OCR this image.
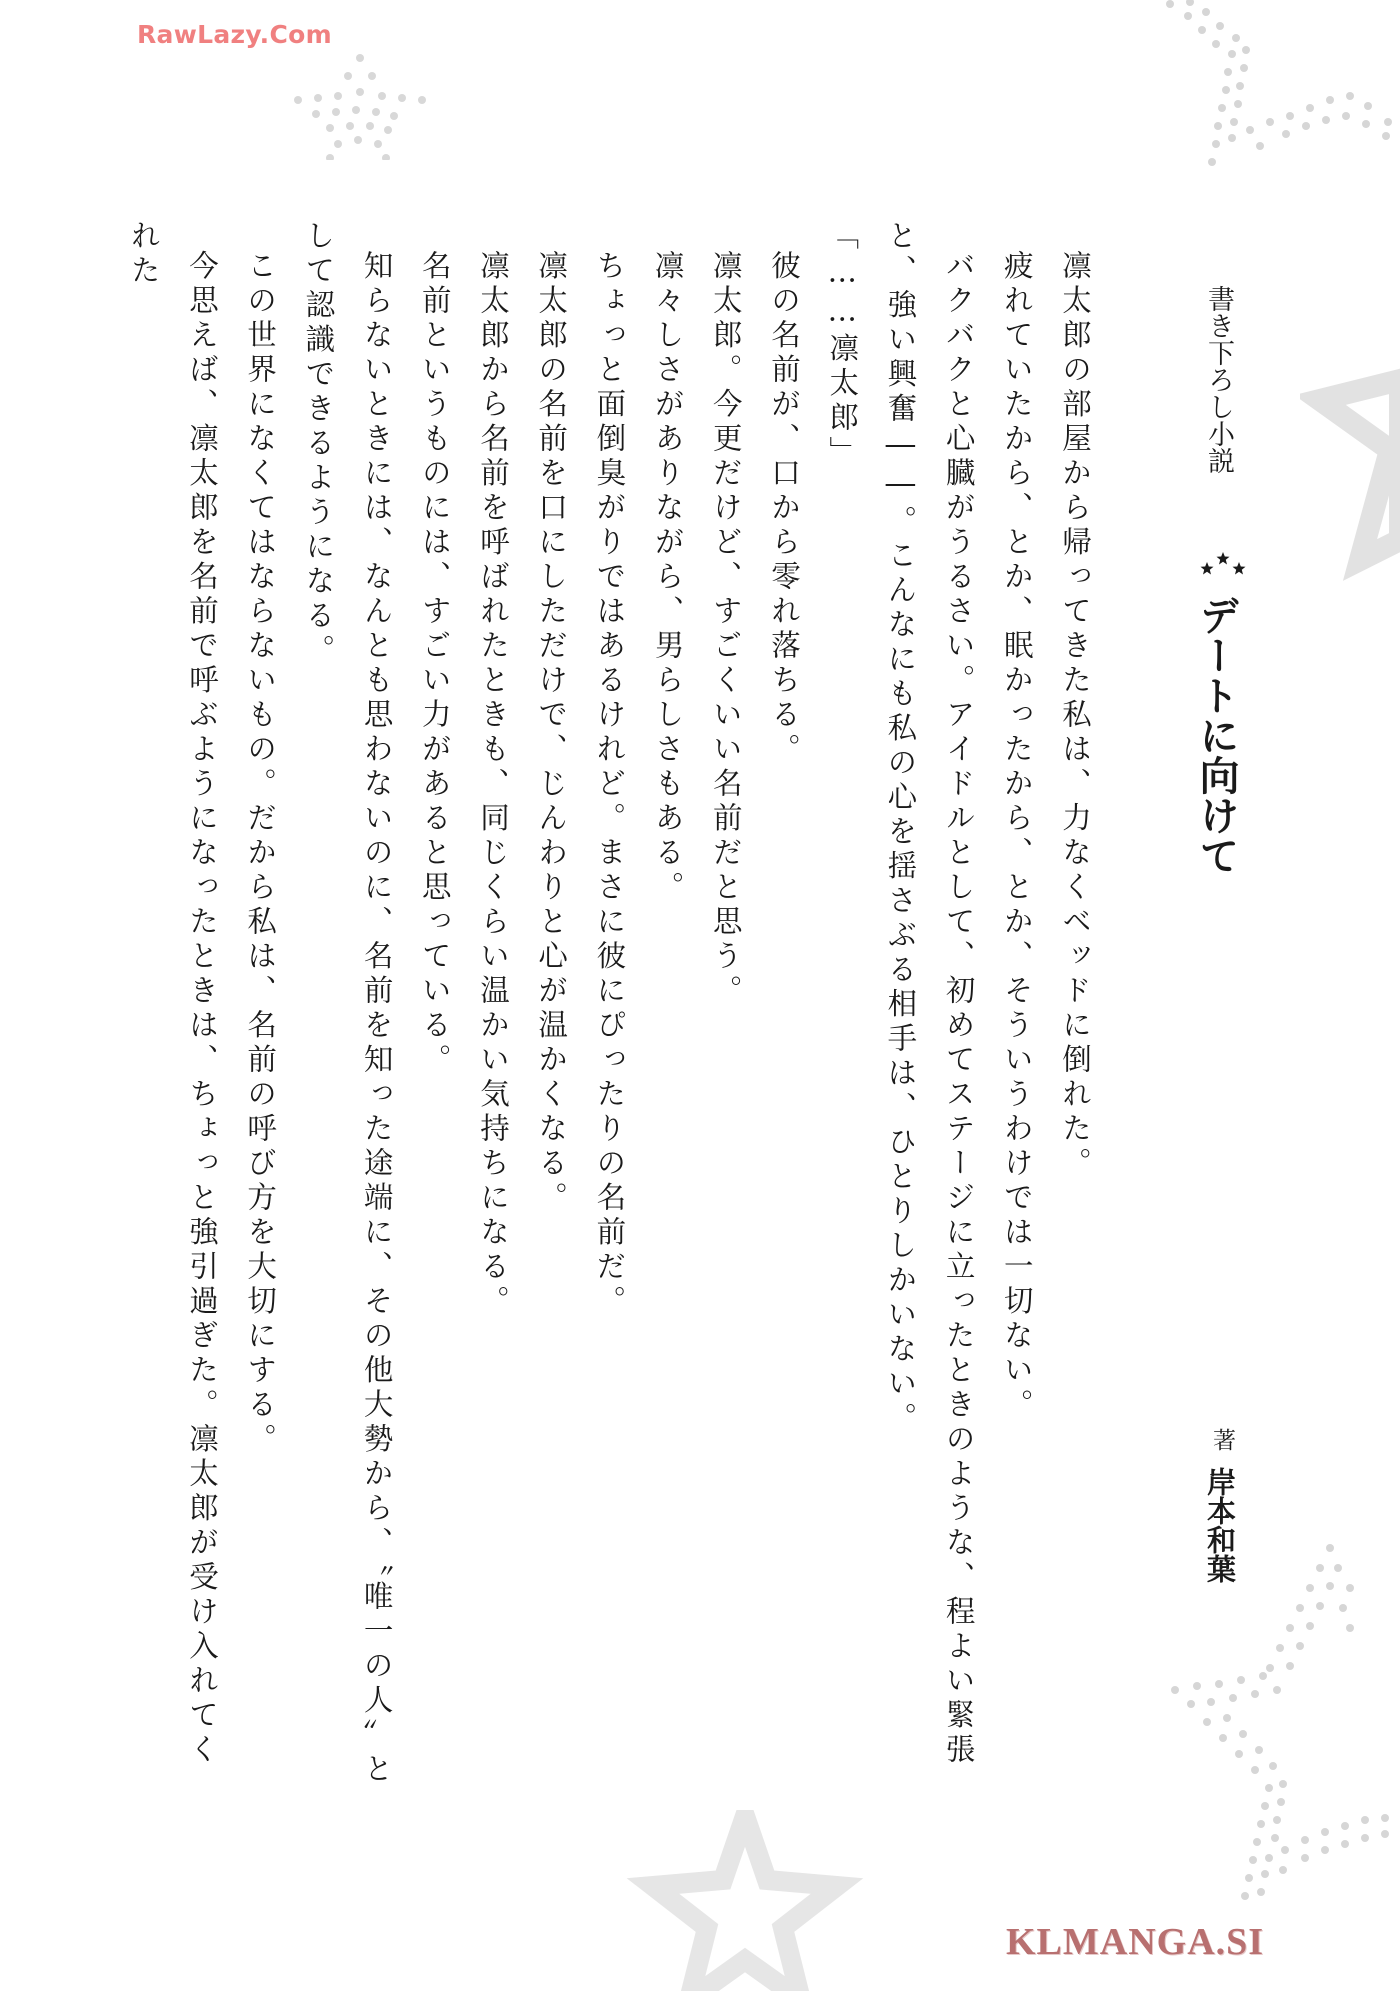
RawLazy.Com
KLMANGA.SI
書き下ろし小説
デートに向けて
著
岸本和葉

凛太郎の部屋から帰ってきた私は、力なくベッドに倒れた。

疲れていたから、とか、眠かったから、とか、そういうわけでは一切ない。

バクバクと心臓がうるさい。アイドルとして、初めてステージに立ったときのような、程よい緊張と、強い興奮――。こんなにも私の心を揺さぶる相手は、ひとりしかいない。

「……凛太郎」

彼の名前が、口から零れ落ちる。

凛太郎。今更だけど、すごくいい名前だと思う。

凛々しさがありながら、男らしさもある。

ちょっと面倒臭がりではあるけれど。まさに彼にぴったりの名前だ。

凛太郎の名前を口にしただけで、じんわりと心が温かくなる。

凛太郎から名前を呼ばれたときも、同じくらい温かい気持ちになる。

名前というものには、すごい力があると思っている。

知らないときには、なんとも思わないのに、名前を知った途端に、その他大勢から、〝唯一の人〟として認識できるようになる。

この世界になくてはならないもの。だから私は、名前の呼び方を大切にする。

今思えば、凛太郎を名前で呼ぶようになったときは、ちょっと強引過ぎた。凛太郎が受け入れてくれた
